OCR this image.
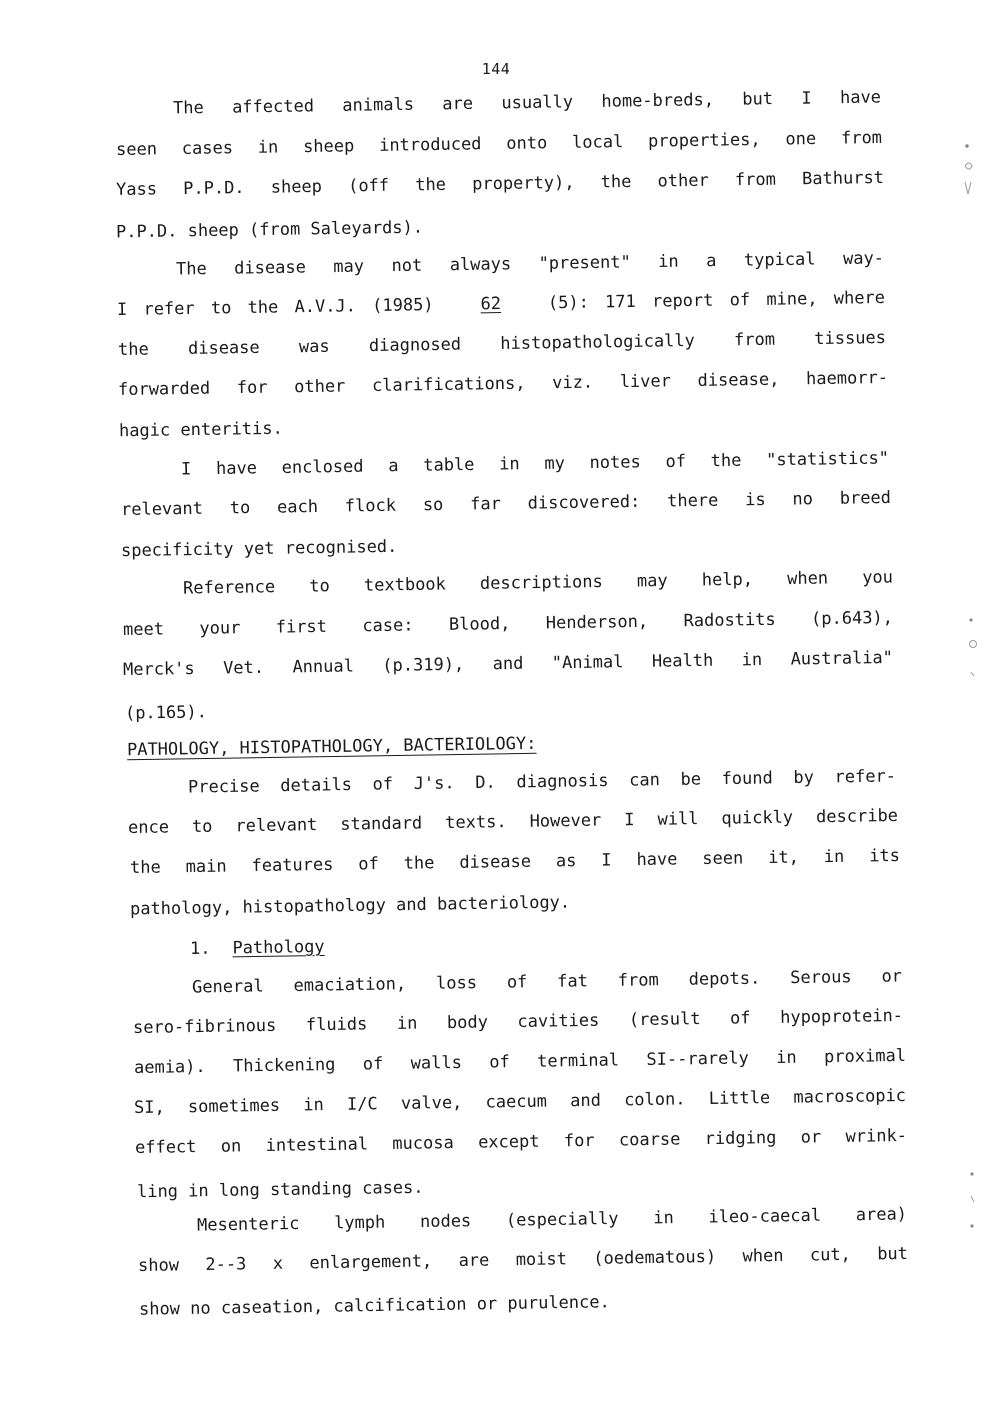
144
The affected animals are usually home-breds, but I have
seen cases in sheep introduced onto local properties, one from
Yass P.P.D. sheep (off the property), the other from Bathurst
P.P.D. sheep (from Saleyards).
The disease may not always "present" in a typical way-
I refer to the A.V.J. (1985) 62 (5): 171 report of mine, where
the disease was diagnosed histopathologically from tissues
forwarded for other clarifications, viz. liver disease, haemorr-
hagic enteritis.
I have enclosed a table in my notes of the "statistics"
relevant to each flock so far discovered: there is no breed
specificity yet recognised.
Reference to textbook descriptions may help, when you
meet your first case: Blood, Henderson, Radostits (p.643),
Merck's Vet. Annual (p.319), and "Animal Health in Australia"
(p.165).
PATHOLOGY, HISTOPATHOLOGY, BACTERIOLOGY:
Precise details of J's. D. diagnosis can be found by refer-
ence to relevant standard texts. However I will quickly describe
the main features of the disease as I have seen it, in its
pathology, histopathology and bacteriology.
1. Pathology
General emaciation, loss of fat from depots. Serous or
sero-fibrinous fluids in body cavities (result of hypoprotein-
aemia). Thickening of walls of terminal SI--rarely in proximal
SI, sometimes in I/C valve, caecum and colon. Little macroscopic
effect on intestinal mucosa except for coarse ridging or wrink-
ling in long standing cases.
Mesenteric lymph nodes (especially in ileo-caecal area)
show 2--3 x enlargement, are moist (oedematous) when cut, but
show no caseation, calcification or purulence.
